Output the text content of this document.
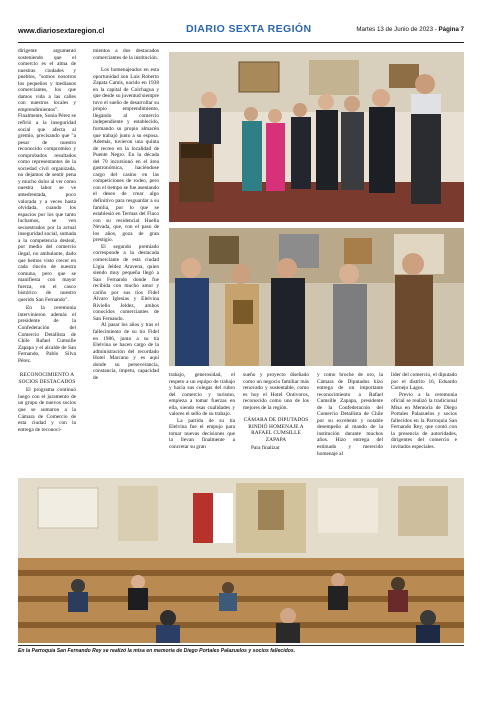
www.diariosextaregion.cl	DIARIO SEXTA REGIÓN	Martes 13 de Junio de 2023 - Página 7

dirigente argumentó sosteniendo que el comercio es el alma de nuestras ciudades y pueblos, "somos nosotros los pequeños y medianos comerciantes, los que damos vida a las calles con nuestros locales y emprendimientos". Finalmente, Sonia Pérez se refirió a la inseguridad social que afecta al gremio, precisando que "a pesar de nuestro reconocido compromiso y comprobados resultados como representantes de la sociedad civil organizada, no dejamos de sentir pena y mucho dolor al ver como nuestra labor se ve amedrentada, poco valorada y a veces hasta olvidada, cuando los espacios por los que tanto luchamos, se ven secuestrados por la actual inseguridad social, sumada a la competencia desleal, por medio del comercio ilegal, no ambulante, dado que hemos visto crecer en cada rincón de nuestra comuna, pero que se manifiesta con mayor fuerza, en el casco histórico de nuestro querido San Fernando".

En la ceremonia intervinieron además el presidente de la Confederación del Comercio Detallista de Chile Rafael Cumsille Zapapa y el alcalde de San Fernando, Pablo Silva Pérez.

RECONOCIMIENTO A SOCIOS DESTACADOS

El programa continuó luego con el juramento de un grupo de nuevos socios que se sumaron a la Cámara de Comercio de esta ciudad y con la entrega de reconoci-

mientos a dos destacados comerciantes de la institución.

Los homenajeados en esta oportunidad son Luis Roberto Zapata Camis, nacido en 1938 en la capital de Colchagua y que desde su juventud siempre tuvo el sueño de desarrollar su propio emprendimiento, llegando al comercio independiente y establecido, formando su propio almacén que trabajó junto a su esposa. Además, tuvieron una quinta de recreo en la localidad de Puente Negro. En la década del 70 incursionó en el área gastronómica, haciéndose cargo del casino en las competiciones de rodeo, pero con el tiempo se fue asentando el deseo de crear algo definitivo para resguardar a su familia, por lo que se establesió en Termas del Flaco con su residencial Huella Nevada, que, con el paso de los años, goza de gran prestigio.

El segundo premiado corresponde a la destacada comerciante de esta ciudad Ligia Jeldez Aravena, quien siendo muy pequeña llegó a San Fernando donde fue recibida con mucho amor y cariño por sus tíos Fidel Álvaro Iglesias y Elelvina Riviello Jeldez, ambos conocidos comerciantes de San Fernando.

Al pasar los años y tras el fallecimiento de su tío Fidel en 1986, junto a su tía Elelvina se hacen cargo de la administración del recordado Hotel Marcano y es aquí donde su perseverancia, constancia, ímpetu, capacidad de	trabajo, generosidad, el respeto a un equipo de trabajo y hacia sus colegas del rubro del comercio y turismo, empieza a tomar fuerzas en ella, siendo esas cualidades y valores el sello de su trabajo.

La partida de su tía Elelvina fue el empujo para tomar nuevas decisiones que la llevan finalmente a concretar su gran

sueño y proyecto diseñado como un negocio familiar más renovado y sustentable, como es hoy el Hotel Ontivoros, reconocido como uno de los mejores de la región.

CÁMARA DE DIPUTADOS RINDIÓ HOMENAJE A RAFAEL CUMSILLE ZAPAPA

Para finalizar

y como broche de oro, la Cámara de Diputados hizo entrega de un importante reconocimiento a Rafael Cumsille Zapapa, presidente de la Confederación del Comercio Detallista de Chile por su excelente y notable desempeño al mando de la institución durante muchos años. Hizo entrega del estimado y merecido homenaje al

líder del comercio, el diputado por el distrito 16, Eduardo Cornejo Lagos.

Previo a la ceremonia oficial se realizó la tradicional Misa en Memoria de Diego Portales Palazuelos y socios fallecidos en la Parroquia San Fernando Rey, que contó con la presencia de autoridades, dirigentes del comercio e invitados especiales.

En la Parroquia San Fernando Rey se realizó la misa en memoria de Diego Portales Palazuelos y socios fallecidos.
